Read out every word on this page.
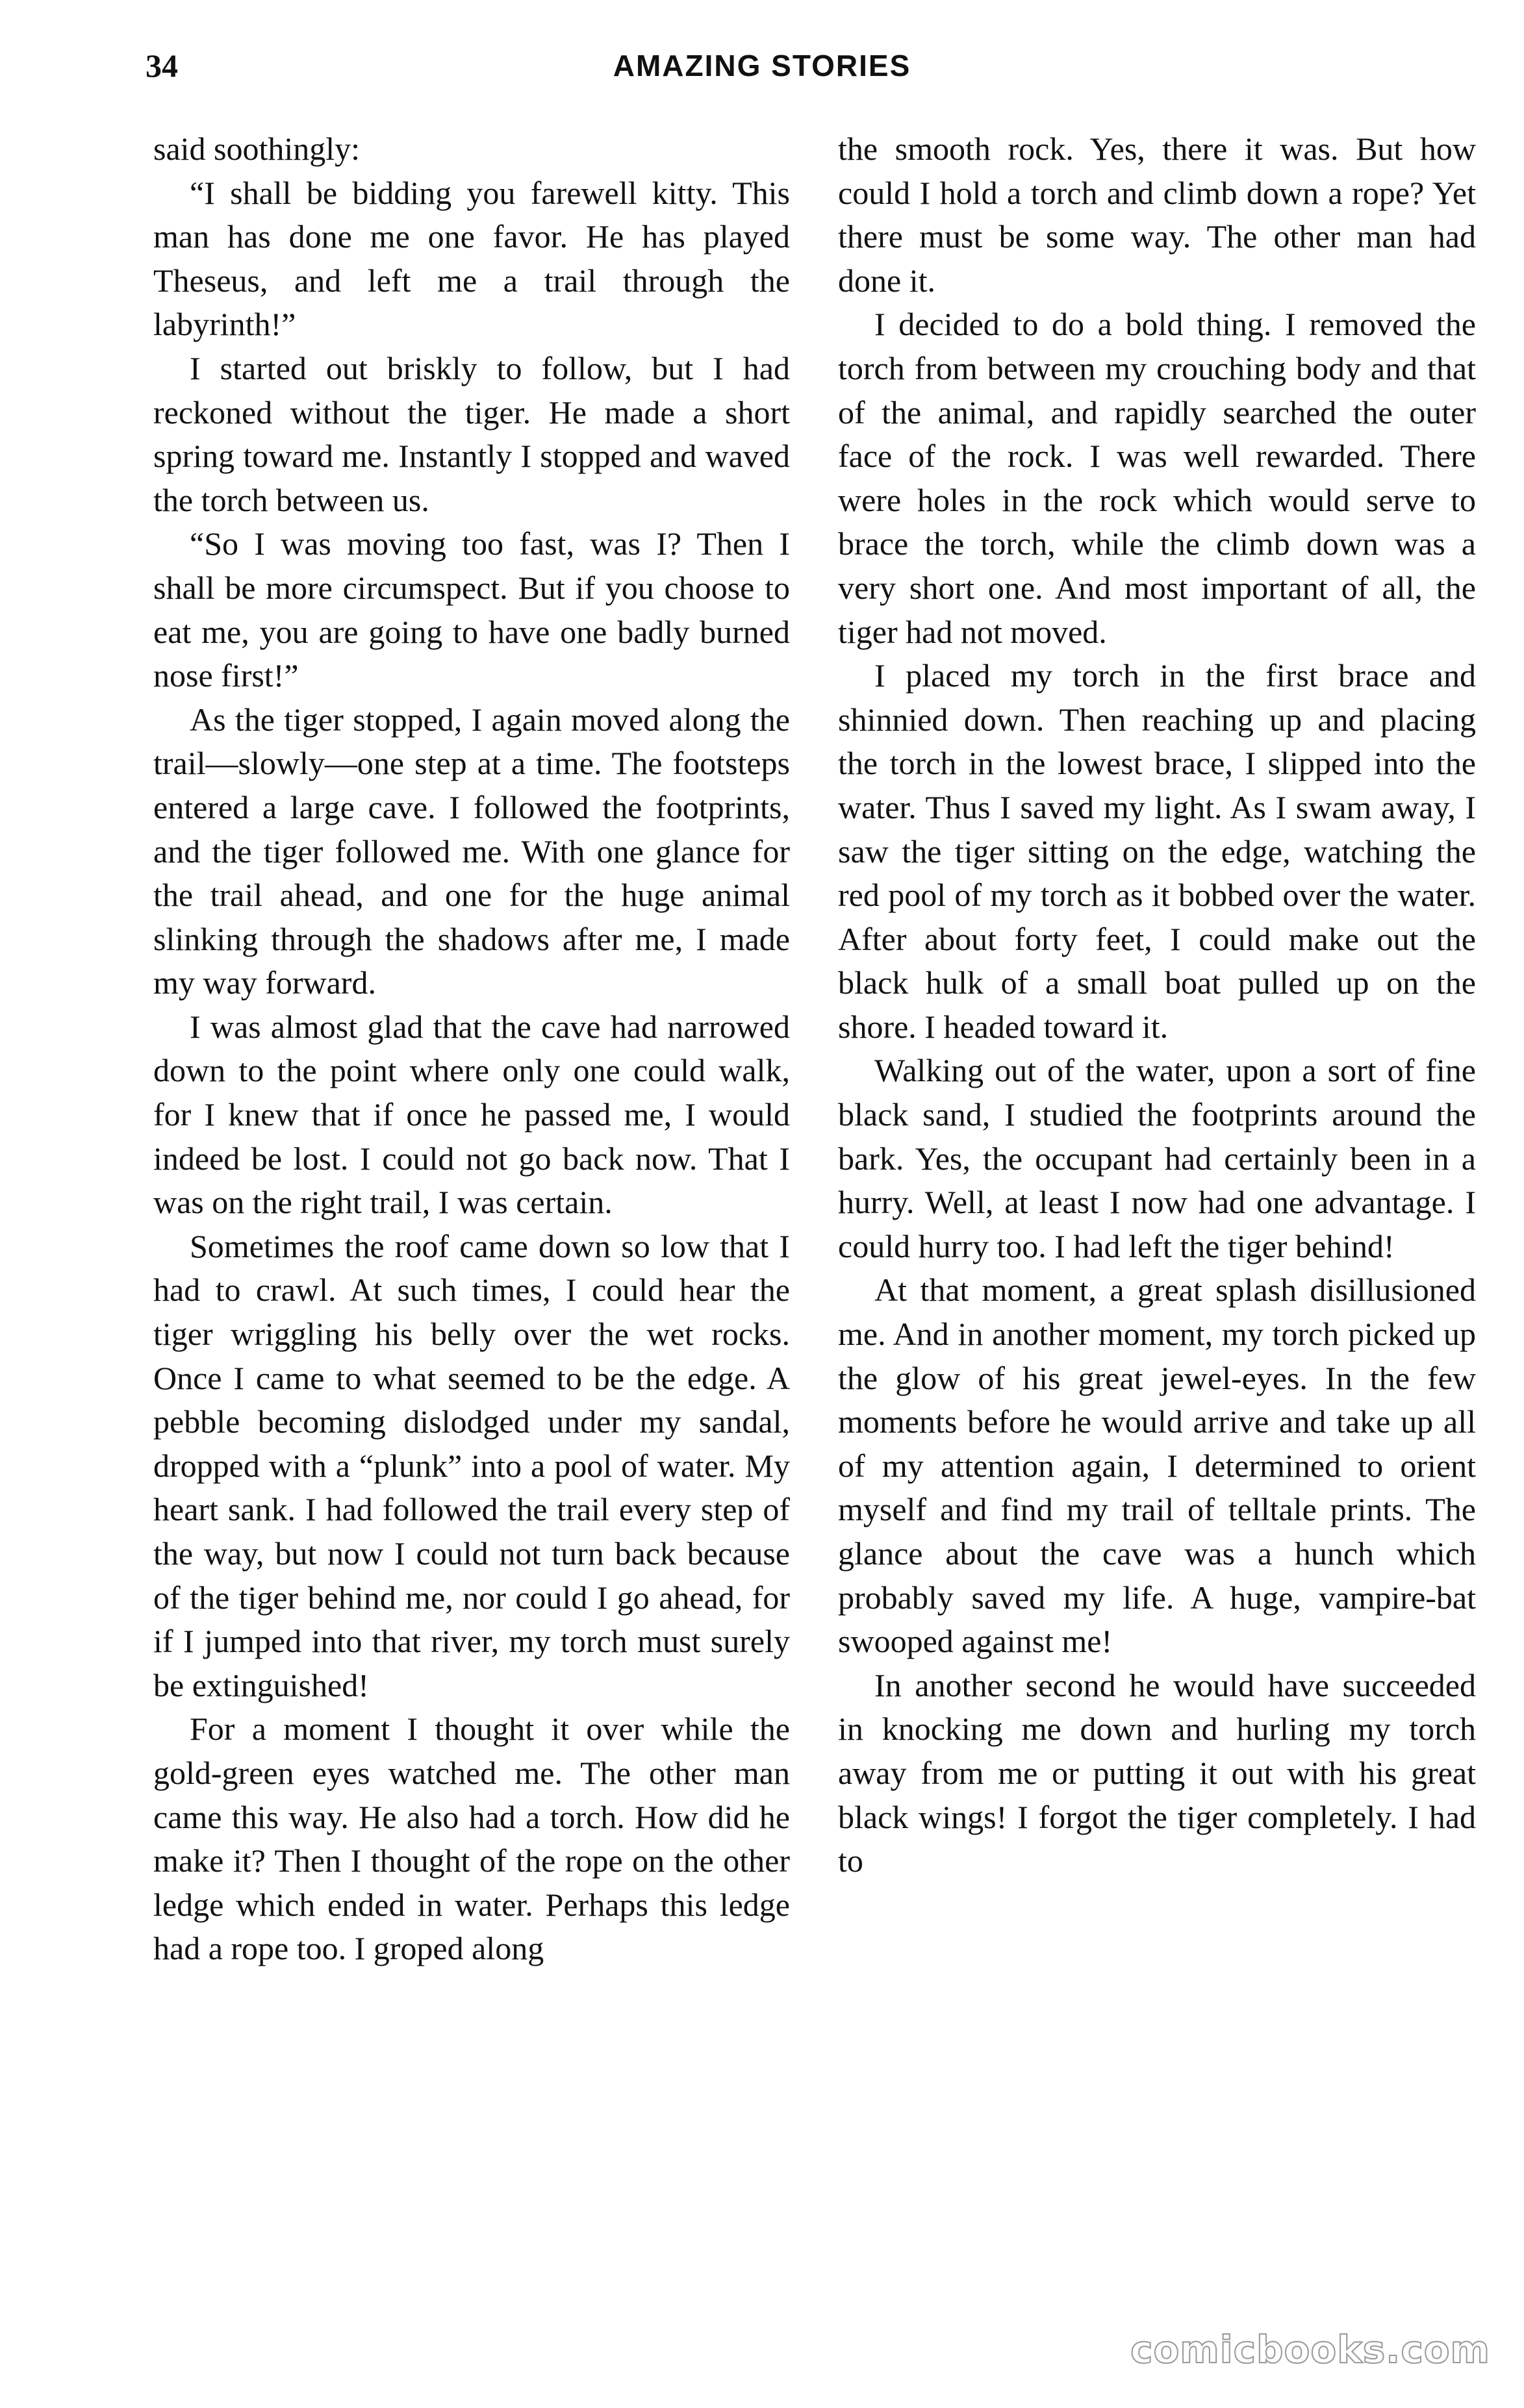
34	AMAZING STORIES

said soothingly:

“I shall be bidding you farewell kitty. This man has done me one favor. He has played Theseus, and left me a trail through the labyrinth!”

I started out briskly to follow, but I had reckoned without the tiger. He made a short spring toward me. Instantly I stopped and waved the torch between us.

“So I was moving too fast, was I? Then I shall be more circumspect. But if you choose to eat me, you are going to have one badly burned nose first!”

As the tiger stopped, I again moved along the trail—slowly—one step at a time. The footsteps entered a large cave. I followed the footprints, and the tiger followed me. With one glance for the trail ahead, and one for the huge animal slinking through the shadows after me, I made my way forward.

I was almost glad that the cave had narrowed down to the point where only one could walk, for I knew that if once he passed me, I would indeed be lost. I could not go back now. That I was on the right trail, I was certain.

Sometimes the roof came down so low that I had to crawl. At such times, I could hear the tiger wriggling his belly over the wet rocks. Once I came to what seemed to be the edge. A pebble becoming dislodged under my sandal, dropped with a “plunk” into a pool of water. My heart sank. I had followed the trail every step of the way, but now I could not turn back because of the tiger behind me, nor could I go ahead, for if I jumped into that river, my torch must surely be extinguished!

For a moment I thought it over while the gold-green eyes watched me. The other man came this way. He also had a torch. How did he make it? Then I thought of the rope on the other ledge which ended in water. Perhaps this ledge had a rope too. I groped along

the smooth rock. Yes, there it was. But how could I hold a torch and climb down a rope? Yet there must be some way. The other man had done it.

I decided to do a bold thing. I removed the torch from between my crouching body and that of the animal, and rapidly searched the outer face of the rock. I was well rewarded. There were holes in the rock which would serve to brace the torch, while the climb down was a very short one. And most important of all, the tiger had not moved.

I placed my torch in the first brace and shinnied down. Then reaching up and placing the torch in the lowest brace, I slipped into the water. Thus I saved my light. As I swam away, I saw the tiger sitting on the edge, watching the red pool of my torch as it bobbed over the water. After about forty feet, I could make out the black hulk of a small boat pulled up on the shore. I headed toward it.

Walking out of the water, upon a sort of fine black sand, I studied the footprints around the bark. Yes, the occupant had certainly been in a hurry. Well, at least I now had one advantage. I could hurry too. I had left the tiger behind!

At that moment, a great splash disillusioned me. And in another moment, my torch picked up the glow of his great jewel-eyes. In the few moments before he would arrive and take up all of my attention again, I determined to orient myself and find my trail of telltale prints. The glance about the cave was a hunch which probably saved my life. A huge, vampire-bat swooped against me!

In another second he would have succeeded in knocking me down and hurling my torch away from me or putting it out with his great black wings! I forgot the tiger completely. I had to

comicbooks.com
